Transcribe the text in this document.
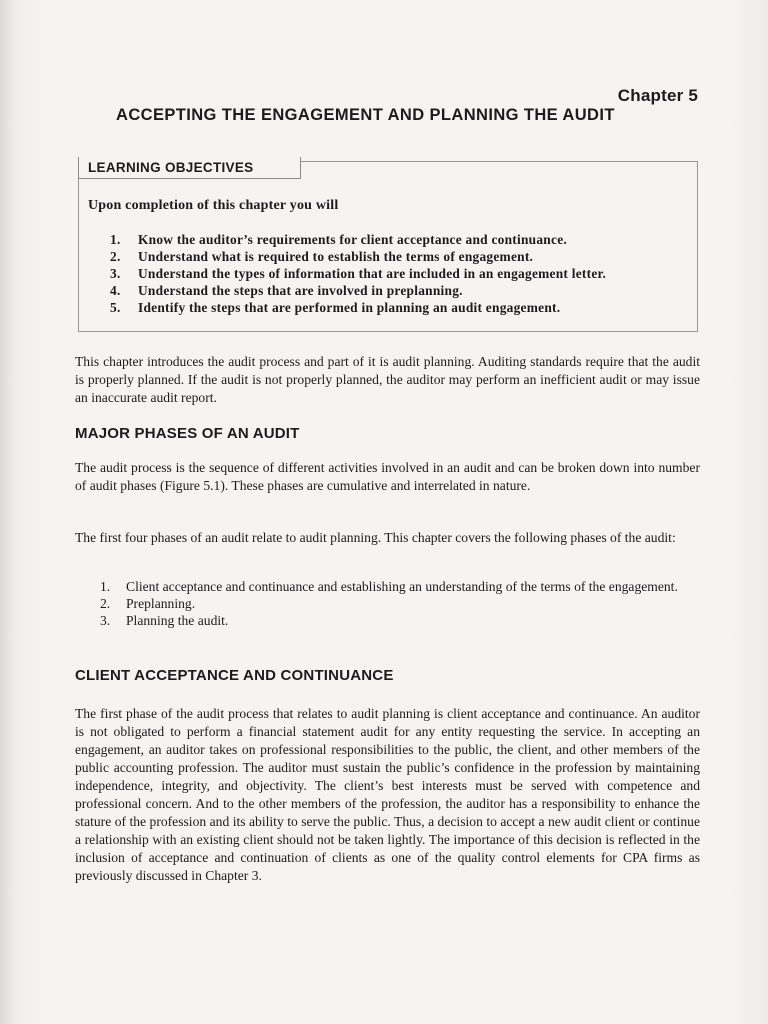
Chapter 5
ACCEPTING THE ENGAGEMENT AND PLANNING THE AUDIT
LEARNING OBJECTIVES
Upon completion of this chapter you will
1. Know the auditor’s requirements for client acceptance and continuance.
2. Understand what is required to establish the terms of engagement.
3. Understand the types of information that are included in an engagement letter.
4. Understand the steps that are involved in preplanning.
5. Identify the steps that are performed in planning an audit engagement.

This chapter introduces the audit process and part of it is audit planning. Auditing standards require that the audit is properly planned. If the audit is not properly planned, the auditor may perform an inefficient audit or may issue an inaccurate audit report.

MAJOR PHASES OF AN AUDIT

The audit process is the sequence of different activities involved in an audit and can be broken down into number of audit phases (Figure 5.1). These phases are cumulative and interrelated in nature.

The first four phases of an audit relate to audit planning. This chapter covers the following phases of the audit:

1.	Client acceptance and continuance and establishing an understanding of the terms of the engagement.
2.	Preplanning.
3.	Planning the audit.
CLIENT ACCEPTANCE AND CONTINUANCE

The first phase of the audit process that relates to audit planning is client acceptance and continuance. An auditor is not obligated to perform a financial statement audit for any entity requesting the service. In accepting an engagement, an auditor takes on professional responsibilities to the public, the client, and other members of the public accounting profession. The auditor must sustain the public’s confidence in the profession by maintaining independence, integrity, and objectivity. The client’s best interests must be served with competence and professional concern. And to the other members of the profession, the auditor has a responsibility to enhance the stature of the profession and its ability to serve the public. Thus, a decision to accept a new audit client or continue a relationship with an existing client should not be taken lightly. The importance of this decision is reflected in the inclusion of acceptance and continuation of clients as one of the quality control elements for CPA firms as previously discussed in Chapter 3.
